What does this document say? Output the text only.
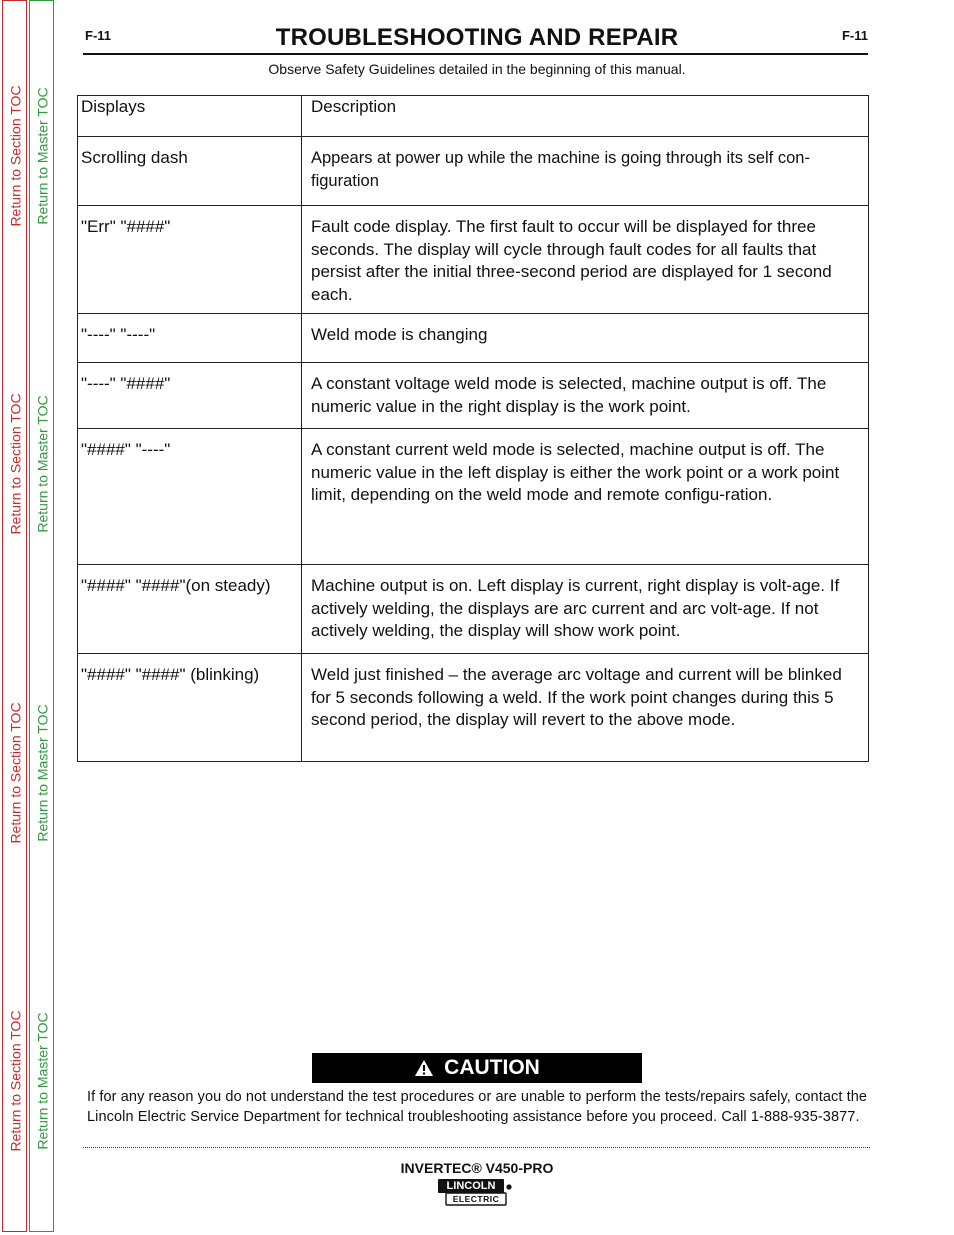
Return to Section TOC
Return to Section TOC
Return to Section TOC
Return to Section TOC
Return to Master TOC
Return to Master TOC
Return to Master TOC
Return to Master TOC
F-11	TROUBLESHOOTING AND REPAIR	F-11
Observe Safety Guidelines detailed in the beginning of this manual.
Displays	Description

Scrolling dash	Appears at power up while the machine is going through its self con-figuration

"Err" "####"	Fault code display. The first fault to occur will be displayed for three seconds. The display will cycle through fault codes for all faults that persist after the initial three-second period are displayed for 1 second each.

"----" "----"	Weld mode is changing

"----" "####"	A constant voltage weld mode is selected, machine output is off. The numeric value in the right display is the work point.

"####" "----"	A constant current weld mode is selected, machine output is off. The numeric value in the left display is either the work point or a work point limit, depending on the weld mode and remote configu-ration.

"####" "####"(on steady)	Machine output is on. Left display is current, right display is volt-age. If actively welding, the displays are arc current and arc volt-age. If not actively welding, the display will show work point.

"####" "####" (blinking)	Weld just finished – the average arc voltage and current will be blinked for 5 seconds following a weld. If the work point changes during this 5 second period, the display will revert to the above mode.
CAUTION
If for any reason you do not understand the test procedures or are unable to perform the tests/repairs safely, contact the Lincoln Electric Service Department for technical troubleshooting assistance before you proceed. Call 1-888-935-3877.
INVERTEC® V450-PRO
LINCOLN
ELECTRIC
